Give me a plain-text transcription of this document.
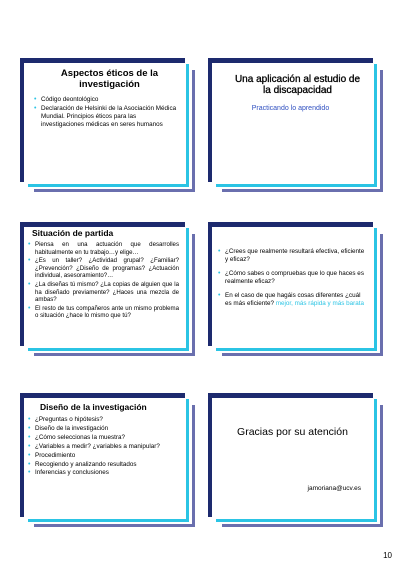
Aspectos éticos de la investigación
• Código deontológico
• Declaración de Helsinki de la Asociación Médica Mundial. Principios éticos para las investigaciones médicas en seres humanos
Una aplicación al estudio de la discapacidad
Practicando lo aprendido
Situación de partida
• Piensa en una actuación que desarrolles habitualmente en tu trabajo…y elige…
• ¿Es un taller? ¿Actividad grupal? ¿Familiar? ¿Prevención? ¿Diseño de programas? ¿Actuación individual, asesoramiento?…
• ¿La diseñas tú mismo? ¿La copias de alguien que la ha diseñado previamente? ¿Haces una mezcla de ambas?
• El resto de tus compañeros ante un mismo problema o situación ¿hace lo mismo que tú?
• ¿Crees que realmente resultará efectiva, eficiente y eficaz?
• ¿Cómo sabes o compruebas que lo que haces es realmente eficaz?
• En el caso de que hagáis cosas diferentes ¿cuál es más eficiente? mejor, más rápida y más barata
Diseño de la investigación
• ¿Preguntas o hipótesis?
• Diseño de la investigación
• ¿Cómo seleccionas la muestra?
• ¿Variables a medir? ¿variables a manipular?
• Procedimiento
• Recogiendo y analizando resultados
• Inferencias y conclusiones
Gracias por su atención
jamoriana@ucv.es
10
